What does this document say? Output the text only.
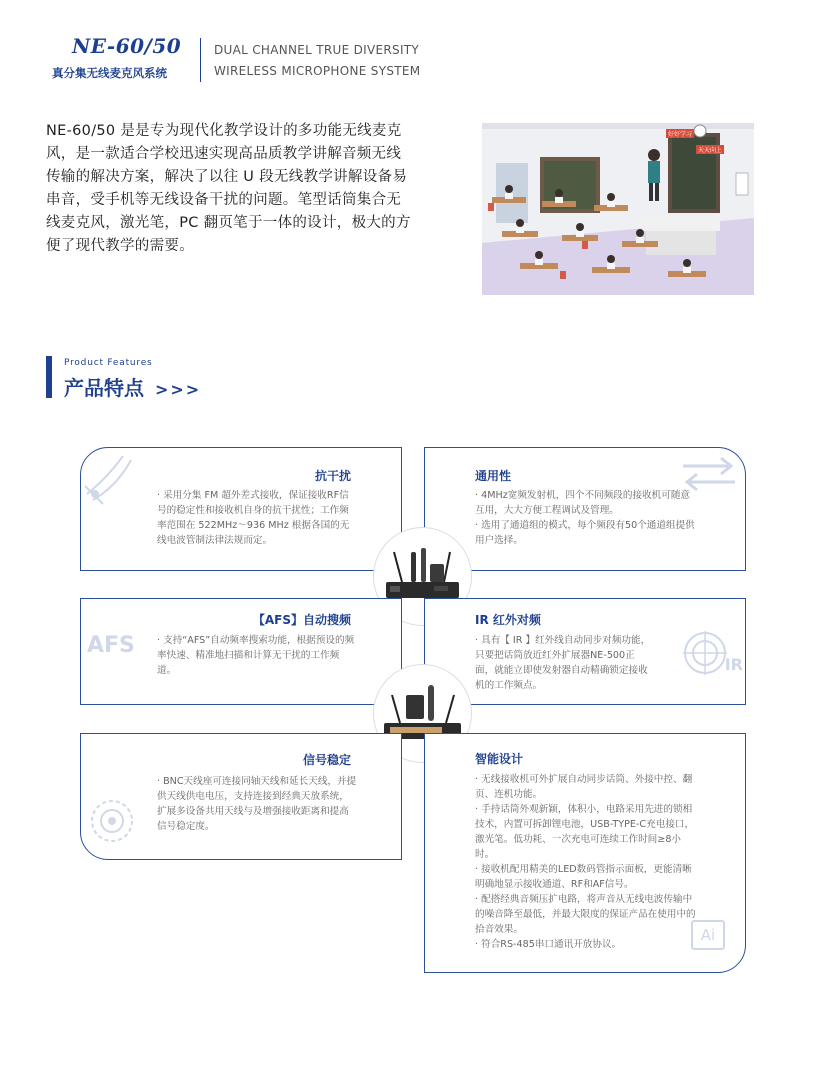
NE-60/50
真分集无线麦克风系统
DUAL CHANNEL TRUE DIVERSITY
WIRELESS MICROPHONE SYSTEM
NE-60/50 是是专为现代化教学设计的多功能无线麦克风，是一款适合学校迅速实现高品质教学讲解音频无线传输的解决方案，解决了以往 U 段无线教学讲解设备易串音，受手机等无线设备干扰的问题。笔型话筒集合无线麦克风，激光笔，PC 翻页笔于一体的设计，极大的方便了现代教学的需要。
好好学习
天天向上
Product Features
产品特点 >>>
抗干扰

· 采用分集 FM 超外差式接收，保证接收RF信号的稳定性和接收机自身的抗干扰性；工作频率范围在 522MHz～936 MHz 根据各国的无线电波管制法律法规而定。

通用性

· 4MHz宽频发射机，四个不同频段的接收机可随意互用，大大方便工程调试及管理。

· 选用了通道组的模式，每个频段有50个通道组提供用户选择。

AFS
【AFS】自动搜频

· 支持“AFS”自动频率搜索功能，根据预设的频率快速、精准地扫描和计算无干扰的工作频道。	IR
IR 红外对频

· 具有【 IR 】红外线自动同步对频功能，只要把话筒放近红外扩展器NE-500正面，就能立即使发射器自动精确锁定接收机的工作频点。

信号稳定

· BNC天线座可连接同轴天线和延长天线，并提供天线供电电压，支持连接到经典天放系统，扩展多设备共用天线与及增强接收距离和提高信号稳定度。

Ai
智能设计

· 无线接收机可外扩展自动同步话筒、外接中控、翻页、连机功能。

· 手持话筒外观新颖，体积小，电路采用先进的锁相技术，内置可拆卸锂电池，USB-TYPE-C充电接口，激光笔。低功耗、一次充电可连续工作时间≥8小时。

· 接收机配用精美的LED数码管指示面板，更能清晰明确地显示接收通道、RF和AF信号。

· 配搭经典音频压扩电路，将声音从无线电波传输中的噪音降至最低，并最大限度的保证产品在使用中的拾音效果。

· 符合RS-485串口通讯开放协议。
